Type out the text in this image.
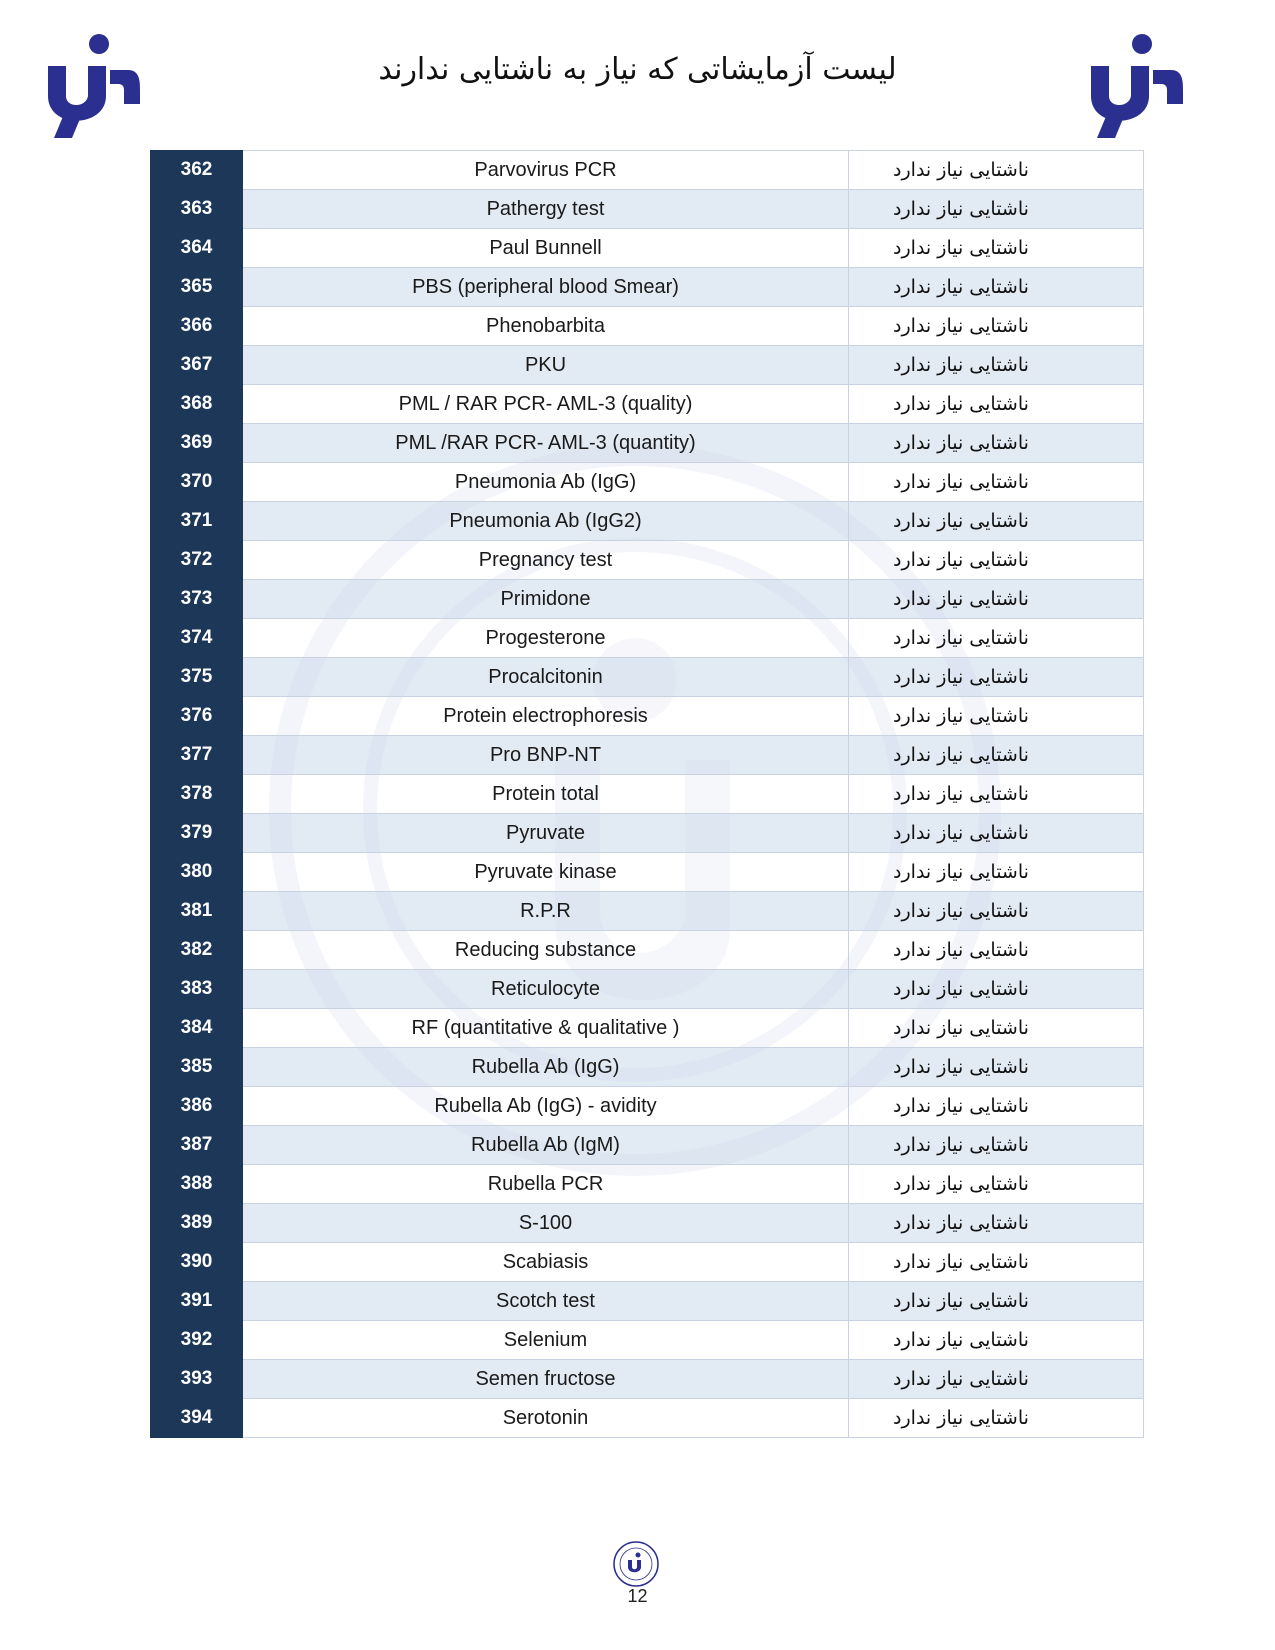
لیست آزمایشاتی که نیاز به ناشتایی ندارند
362	Parvovirus PCR	ناشتایی نیاز ندارد
363	Pathergy test	ناشتایی نیاز ندارد
364	Paul Bunnell	ناشتایی نیاز ندارد
365	PBS (peripheral blood Smear)	ناشتایی نیاز ندارد
366	Phenobarbita	ناشتایی نیاز ندارد
367	PKU	ناشتایی نیاز ندارد
368	PML / RAR PCR- AML-3 (quality)	ناشتایی نیاز ندارد
369	PML /RAR PCR- AML-3 (quantity)	ناشتایی نیاز ندارد
370	Pneumonia Ab (IgG)	ناشتایی نیاز ندارد
371	Pneumonia Ab (IgG2)	ناشتایی نیاز ندارد
372	Pregnancy test	ناشتایی نیاز ندارد
373	Primidone	ناشتایی نیاز ندارد
374	Progesterone	ناشتایی نیاز ندارد
375	Procalcitonin	ناشتایی نیاز ندارد
376	Protein electrophoresis	ناشتایی نیاز ندارد
377	Pro BNP-NT	ناشتایی نیاز ندارد
378	Protein total	ناشتایی نیاز ندارد
379	Pyruvate	ناشتایی نیاز ندارد
380	Pyruvate kinase	ناشتایی نیاز ندارد
381	R.P.R	ناشتایی نیاز ندارد
382	Reducing substance	ناشتایی نیاز ندارد
383	Reticulocyte	ناشتایی نیاز ندارد
384	RF (quantitative & qualitative )	ناشتایی نیاز ندارد
385	Rubella Ab (IgG)	ناشتایی نیاز ندارد
386	Rubella Ab (IgG) - avidity	ناشتایی نیاز ندارد
387	Rubella Ab (IgM)	ناشتایی نیاز ندارد
388	Rubella PCR	ناشتایی نیاز ندارد
389	S-100	ناشتایی نیاز ندارد
390	Scabiasis	ناشتایی نیاز ندارد
391	Scotch test	ناشتایی نیاز ندارد
392	Selenium	ناشتایی نیاز ندارد
393	Semen fructose	ناشتایی نیاز ندارد
394	Serotonin	ناشتایی نیاز ندارد
12
